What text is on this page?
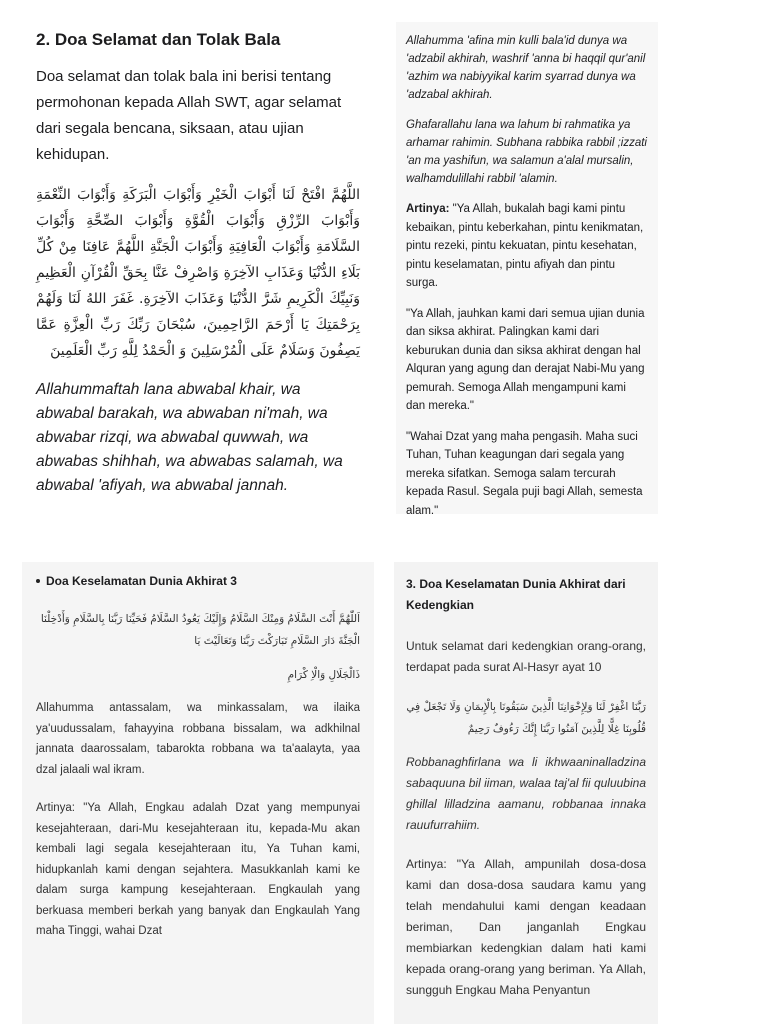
2. Doa Selamat dan Tolak Bala

Doa selamat dan tolak bala ini berisi tentang permohonan kepada Allah SWT, agar selamat dari segala bencana, siksaan, atau ujian kehidupan.

اللَّهُمَّ افْتَحْ لَنَا أَبْوَابَ الْخَيْرِ وَأَبْوَابَ الْبَرَكَةِ وَأَبْوَابَ النِّعْمَةِ وَأَبْوَابَ الرِّزْقِ وَأَبْوَابَ الْقُوَّةِ وَأَبْوَابَ الصِّحَّةِ وَأَبْوَابَ السَّلَامَةِ وَأَبْوَابَ الْعَافِيَةِ وَأَبْوَابَ الْجَنَّةِ اللَّهُمَّ عَافِنَا مِنْ كُلِّ بَلَاءِ الدُّنْيَا وَعَذَابِ الآخِرَةِ وَاصْرِفْ عَنَّا بِحَقِّ الْقُرْآنِ الْعَظِيمِ وَنَبِيِّكَ الْكَرِيمِ شَرَّ الدُّنْيَا وَعَذَابَ الآخِرَةِ. غَفَرَ اللهُ لَنَا وَلَهُمْ بِرَحْمَتِكَ يَا أَرْحَمَ الرَّاحِمِينَ، سُبْحَانَ رَبِّكَ رَبِّ الْعِزَّةِ عَمَّا يَصِفُونَ وَسَلَامٌ عَلَى الْمُرْسَلِينَ وَ الْحَمْدُ لِلَّهِ رَبِّ الْعَلَمِينَ

Allahummaftah lana abwabal khair, wa abwabal barakah, wa abwaban ni'mah, wa abwabar rizqi, wa abwabal quwwah, wa abwabas shihhah, wa abwabas salamah, wa abwabal 'afiyah, wa abwabal jannah.

Allahumma 'afina min kulli bala'id dunya wa 'adzabil akhirah, washrif 'anna bi haqqil qur'anil 'azhim wa nabiyyikal karim syarrad dunya wa 'adzabal akhirah.

Ghafarallahu lana wa lahum bi rahmatika ya arhamar rahimin. Subhana rabbika rabbil ;izzati 'an ma yashifun, wa salamun a'alal mursalin, walhamdulillahi rabbil 'alamin.

Artinya: "Ya Allah, bukalah bagi kami pintu kebaikan, pintu keberkahan, pintu kenikmatan, pintu rezeki, pintu kekuatan, pintu kesehatan, pintu keselamatan, pintu afiyah dan pintu surga.

"Ya Allah, jauhkan kami dari semua ujian dunia dan siksa akhirat. Palingkan kami dari keburukan dunia dan siksa akhirat dengan hal Alquran yang agung dan derajat Nabi-Mu yang pemurah. Semoga Allah mengampuni kami dan mereka."

"Wahai Dzat yang maha pengasih. Maha suci Tuhan, Tuhan keagungan dari segala yang mereka sifatkan. Semoga salam tercurah kepada Rasul. Segala puji bagi Allah, semesta alam."

Doa Keselamatan Dunia Akhirat 3

اَللّٰهُمَّ أَنْتَ السَّلَامُ وَمِنْكَ السَّلَامُ وَإِلَيْكَ يَعُودُ السَّلَامُ فَحَيِّنَا رَبَّنَا بِالسَّلَامِ وَأَدْخِلْنَا الْجَنَّةَ دَارَ السَّلَامِ تَبَارَكْتَ رَبَّنَا وَتَعَالَيْتَ يَا

ذَالْجَلَالِ وَالْاِ كْرَامِ

Allahumma antassalam, wa minkassalam, wa ilaika ya'uudussalam, fahayyina robbana bissalam, wa adkhilnal jannata daarossalam, tabarokta robbana wa ta'aalayta, yaa dzal jalaali wal ikram.

Artinya: "Ya Allah, Engkau adalah Dzat yang mempunyai kesejahteraan, dari-Mu kesejahteraan itu, kepada-Mu akan kembali lagi segala kesejahteraan itu, Ya Tuhan kami, hidupkanlah kami dengan sejahtera. Masukkanlah kami ke dalam surga kampung kesejahteraan. Engkaulah yang berkuasa memberi berkah yang banyak dan Engkaulah Yang maha Tinggi, wahai Dzat

3. Doa Keselamatan Dunia Akhirat dari Kedengkian

Untuk selamat dari kedengkian orang-orang, terdapat pada surat Al-Hasyr ayat 10

رَبَّنَا اغْفِرْ لَنَا وَلِإِخْوَانِنَا الَّذِينَ سَبَقُونَا بِالْإِيمَانِ وَلَا تَجْعَلْ فِي قُلُوبِنَا غِلًّا لِلَّذِينَ آمَنُوا رَبَّنَا إِنَّكَ رَءُوفٌ رَحِيمٌ

Robbanaghfirlana wa li ikhwaaninalladzina sabaquuna bil iiman, walaa taj'al fii quluubina ghillal lilladzina aamanu, robbanaa innaka rauufurrahiim.

Artinya: "Ya Allah, ampunilah dosa-dosa kami dan dosa-dosa saudara kamu yang telah mendahului kami dengan keadaan beriman, Dan janganlah Engkau membiarkan kedengkian dalam hati kami kepada orang-orang yang beriman. Ya Allah, sungguh Engkau Maha Penyantun
